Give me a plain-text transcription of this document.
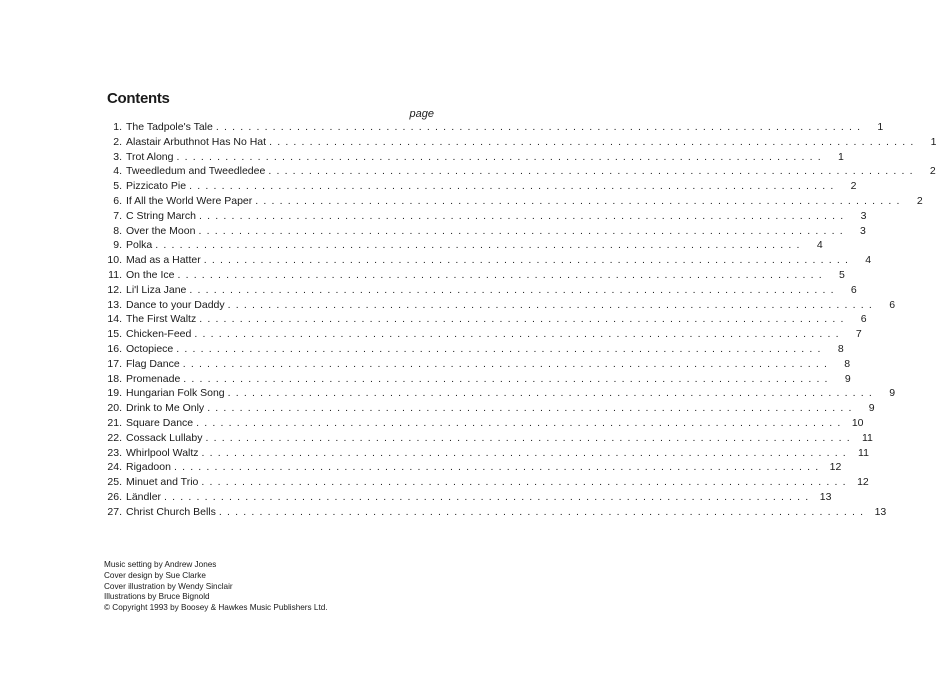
Contents
page
1. The Tadpole's Tale ................................................................................	1
2. Alastair Arbuthnot Has No Hat ................................................................................	1
3. Trot Along ................................................................................	1
4. Tweedledum and Tweedledee ................................................................................	2
5. Pizzicato Pie ................................................................................	2
6. If All the World Were Paper ................................................................................	2
7. C String March ................................................................................	3
8. Over the Moon ................................................................................	3
9. Polka ................................................................................	4
10. Mad as a Hatter ................................................................................	4
11. On the Ice ................................................................................	5
12. Li'l Liza Jane ................................................................................	6
13. Dance to your Daddy ................................................................................	6
14. The First Waltz ................................................................................	6
15. Chicken-Feed ................................................................................	7
16. Octopiece ................................................................................	8
17. Flag Dance ................................................................................	8
18. Promenade ................................................................................	9
19. Hungarian Folk Song ................................................................................	9
20. Drink to Me Only ................................................................................	9
21. Square Dance ................................................................................ 10
22. Cossack Lullaby ................................................................................ 11
23. Whirlpool Waltz ................................................................................ 11
24. Rigadoon ................................................................................ 12
25. Minuet and Trio ................................................................................ 12
26. Ländler ................................................................................ 13
27. Christ Church Bells ................................................................................ 13
Music setting by Andrew Jones
Cover design by Sue Clarke
Cover illustration by Wendy Sinclair
Illustrations by Bruce Bignold
© Copyright 1993 by Boosey & Hawkes Music Publishers Ltd.
